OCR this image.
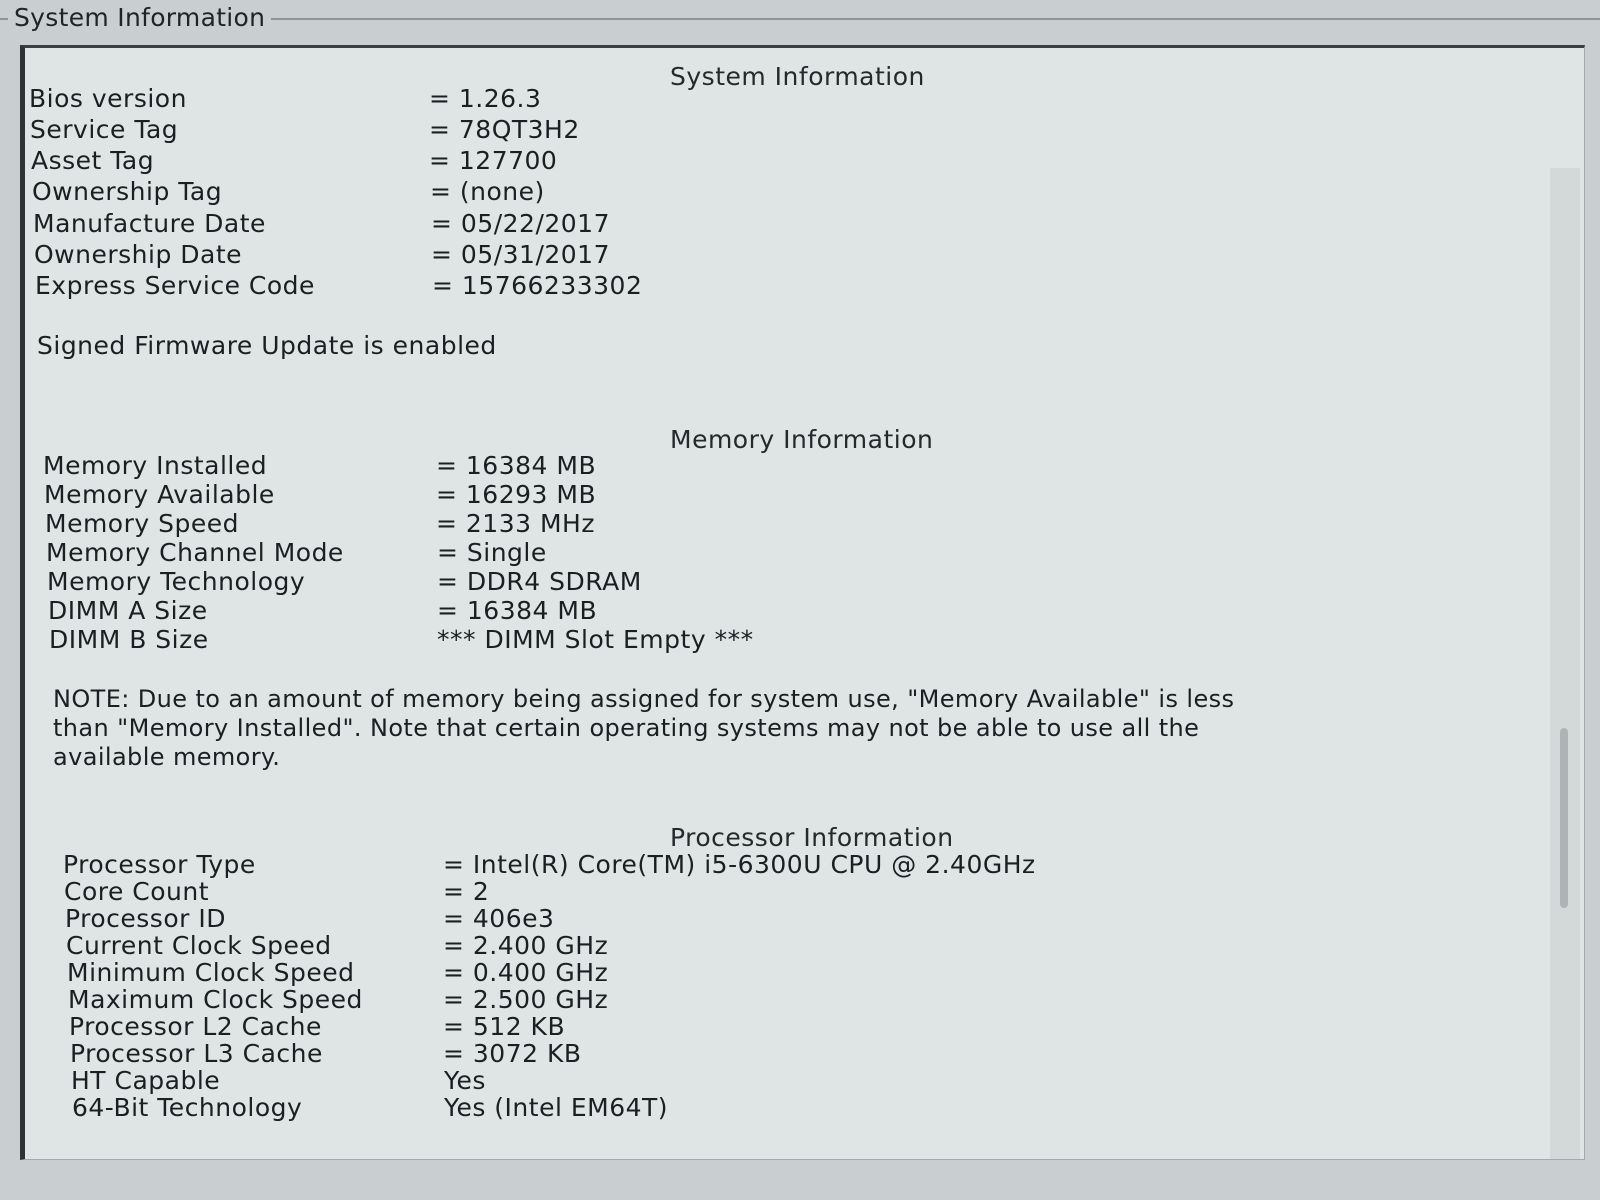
System Information
System Information
Bios version	= 1.26.3
Service Tag	= 78QT3H2
Asset Tag	= 127700
Ownership Tag	= (none)
Manufacture Date	= 05/22/2017
Ownership Date	= 05/31/2017
Express Service Code	= 15766233302
Signed Firmware Update is enabled
Memory Information
Memory Installed	= 16384 MB
Memory Available	= 16293 MB
Memory Speed	= 2133 MHz
Memory Channel Mode	= Single
Memory Technology	= DDR4 SDRAM
DIMM A Size	= 16384 MB
DIMM B Size	*** DIMM Slot Empty ***
NOTE: Due to an amount of memory being assigned for system use, "Memory Available" is less
than "Memory Installed". Note that certain operating systems may not be able to use all the
available memory.
Processor Information
Processor Type	= Intel(R) Core(TM) i5-6300U CPU @ 2.40GHz
Core Count	= 2
Processor ID	= 406e3
Current Clock Speed	= 2.400 GHz
Minimum Clock Speed	= 0.400 GHz
Maximum Clock Speed	= 2.500 GHz
Processor L2 Cache	= 512 KB
Processor L3 Cache	= 3072 KB
HT Capable	Yes
64-Bit Technology	Yes (Intel EM64T)
